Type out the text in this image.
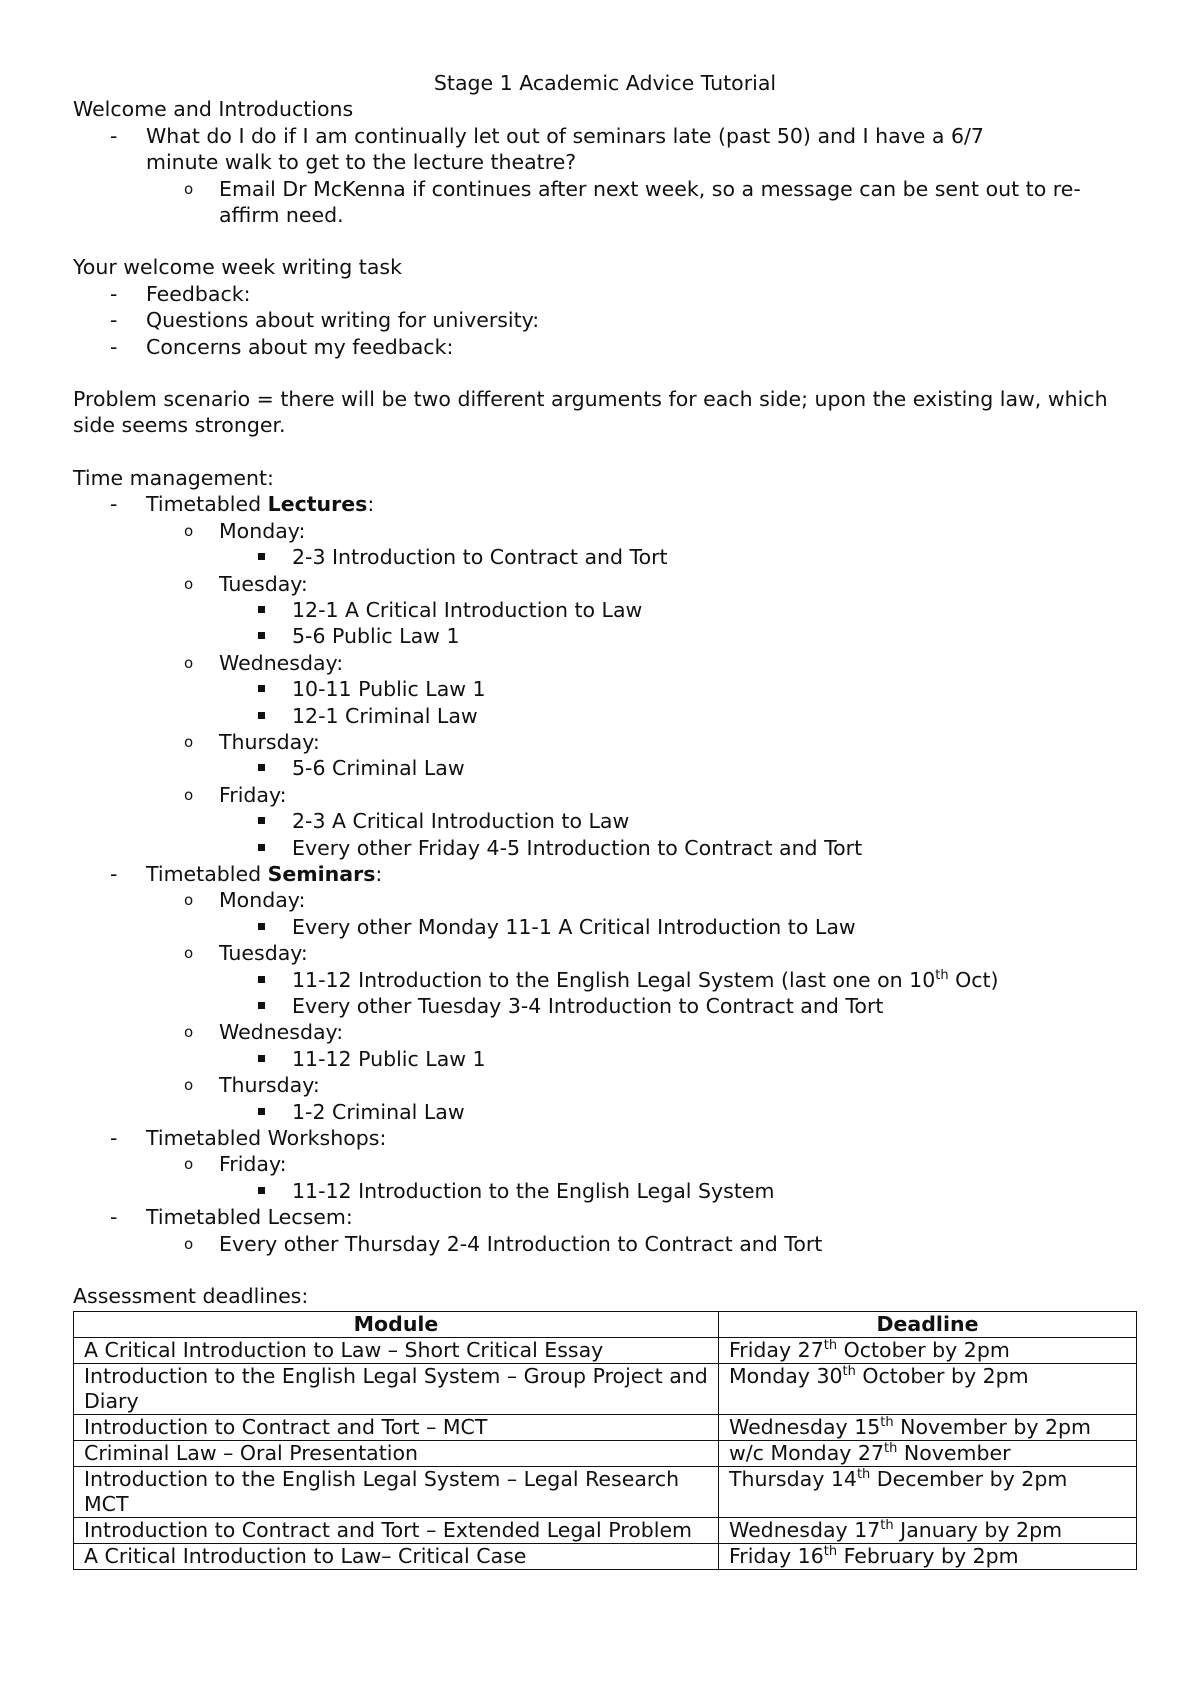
Stage 1 Academic Advice Tutorial
Welcome and Introductions
- What do I do if I am continually let out of seminars late (past 50) and I have a 6/7 minute walk to get to the lecture theatre?
o Email Dr McKenna if continues after next week, so a message can be sent out to re-affirm need.
Your welcome week writing task
- Feedback:
- Questions about writing for university:
- Concerns about my feedback:
Problem scenario = there will be two different arguments for each side; upon the existing law, which side seems stronger.
Time management:
- Timetabled Lectures:
o Monday:
2-3 Introduction to Contract and Tort
o Tuesday:
12-1 A Critical Introduction to Law
5-6 Public Law 1
o Wednesday:
10-11 Public Law 1
12-1 Criminal Law
o Thursday:
5-6 Criminal Law
o Friday:
2-3 A Critical Introduction to Law
Every other Friday 4-5 Introduction to Contract and Tort
- Timetabled Seminars:
o Monday:
Every other Monday 11-1 A Critical Introduction to Law
o Tuesday:
11-12 Introduction to the English Legal System (last one on 10th Oct)
Every other Tuesday 3-4 Introduction to Contract and Tort
o Wednesday:
11-12 Public Law 1
o Thursday:
1-2 Criminal Law
- Timetabled Workshops:
o Friday:
11-12 Introduction to the English Legal System
- Timetabled Lecsem:
o Every other Thursday 2-4 Introduction to Contract and Tort
Assessment deadlines:
Module	Deadline
A Critical Introduction to Law – Short Critical Essay	Friday 27th October by 2pm
Introduction to the English Legal System – Group Project and Diary	Monday 30th October by 2pm
Introduction to Contract and Tort – MCT	Wednesday 15th November by 2pm
Criminal Law – Oral Presentation	w/c Monday 27th November
Introduction to the English Legal System – Legal Research MCT	Thursday 14th December by 2pm
Introduction to Contract and Tort – Extended Legal Problem	Wednesday 17th January by 2pm
A Critical Introduction to Law– Critical Case	Friday 16th February by 2pm
